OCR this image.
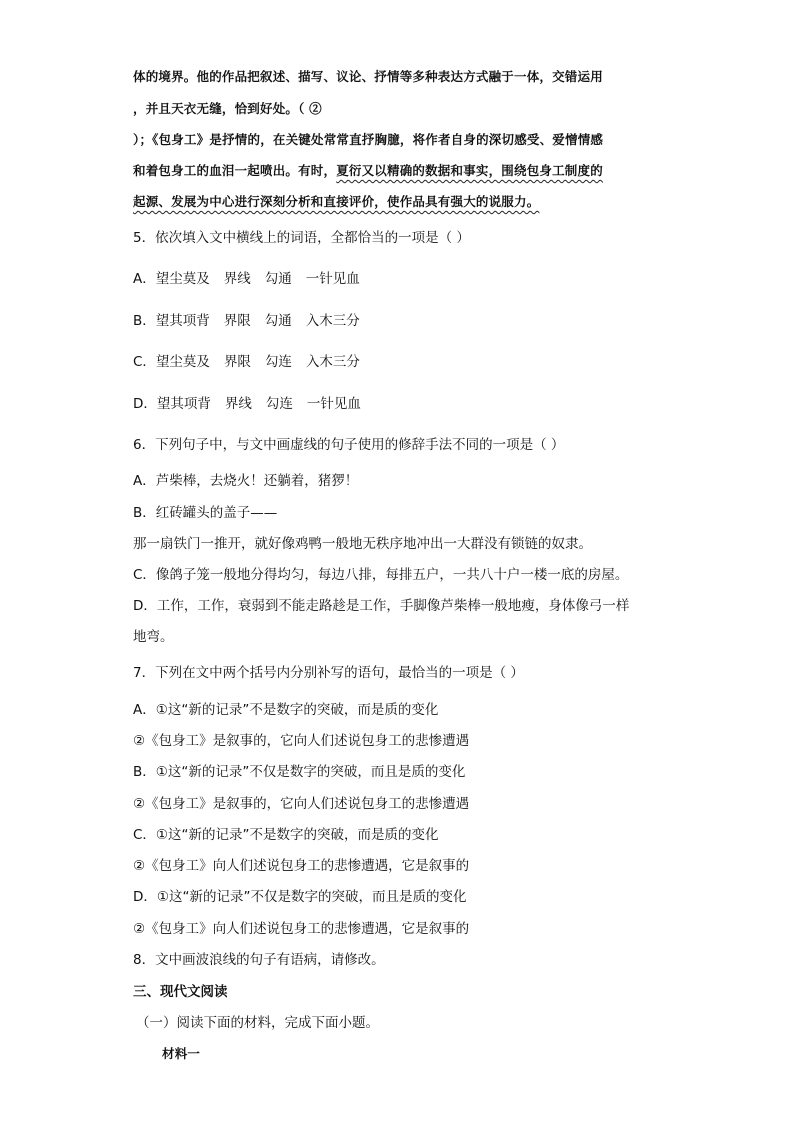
体的境界。他的作品把叙述、描写、议论、抒情等多种表达方式融于一体，交错运用
，并且天衣无缝，恰到好处。（ ②
）；《包身工》是抒情的，在关键处常常直抒胸臆，将作者自身的深切感受、爱憎情感
和着包身工的血泪一起喷出。有时，夏衍又以精确的数据和事实，围绕包身工制度的
起源、发展为中心进行深刻分析和直接评价，使作品具有强大的说服力。
5．依次填入文中横线上的词语，全都恰当的一项是（ ）
A．望尘莫及 界线 勾通 一针见血
B．望其项背 界限 勾通 入木三分
C．望尘莫及 界限 勾连 入木三分
D．望其项背 界线 勾连 一针见血
6．下列句子中，与文中画虚线的句子使用的修辞手法不同的一项是（ ）
A．芦柴棒，去烧火！还躺着，猪猡！
B．红砖罐头的盖子——
那一扇铁门一推开，就好像鸡鸭一般地无秩序地冲出一大群没有锁链的奴隶。
C．像鸽子笼一般地分得均匀，每边八排，每排五户，一共八十户一楼一底的房屋。
D．工作，工作，衰弱到不能走路趁是工作，手脚像芦柴棒一般地瘦，身体像弓一样
地弯。
7．下列在文中两个括号内分别补写的语句，最恰当的一项是（ ）
A．①这“新的记录”不是数字的突破，而是质的变化
②《包身工》是叙事的，它向人们述说包身工的悲惨遭遇
B．①这“新的记录”不仅是数字的突破，而且是质的变化
②《包身工》是叙事的，它向人们述说包身工的悲惨遭遇
C．①这“新的记录”不是数字的突破，而是质的变化
②《包身工》向人们述说包身工的悲惨遭遇，它是叙事的
D．①这“新的记录”不仅是数字的突破，而且是质的变化
②《包身工》向人们述说包身工的悲惨遭遇，它是叙事的
8．文中画波浪线的句子有语病，请修改。
三、现代文阅读
（一）阅读下面的材料，完成下面小题。
材料一
